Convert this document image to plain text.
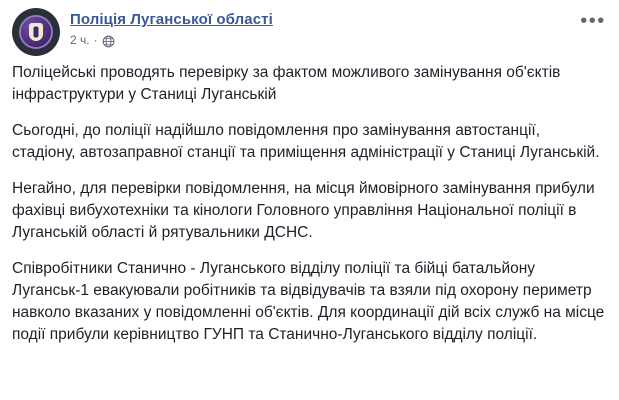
Поліція Луганської області
2 ч. ·
•••

Поліцейські проводять перевірку за фактом можливого замінування об'єктів інфраструктури у Станиці Луганській

Сьогодні, до поліції надійшло повідомлення про замінування автостанції, стадіону, автозаправної станції та приміщення адміністрації у Станиці Луганській.

Негайно, для перевірки повідомлення, на місця ймовірного замінування прибули фахівці вибухотехніки та кінологи Головного управління Національної поліції в Луганській області й рятувальники ДСНС.

Співробітники Станично - Луганського відділу поліції та бійці батальйону Луганськ-1 евакуювали робітників та відвідувачів та взяли під охорону периметр навколо вказаних у повідомленні об'єктів. Для координації дій всіх служб на місце події прибули керівництво ГУНП та Станично-Луганського відділу поліції.
